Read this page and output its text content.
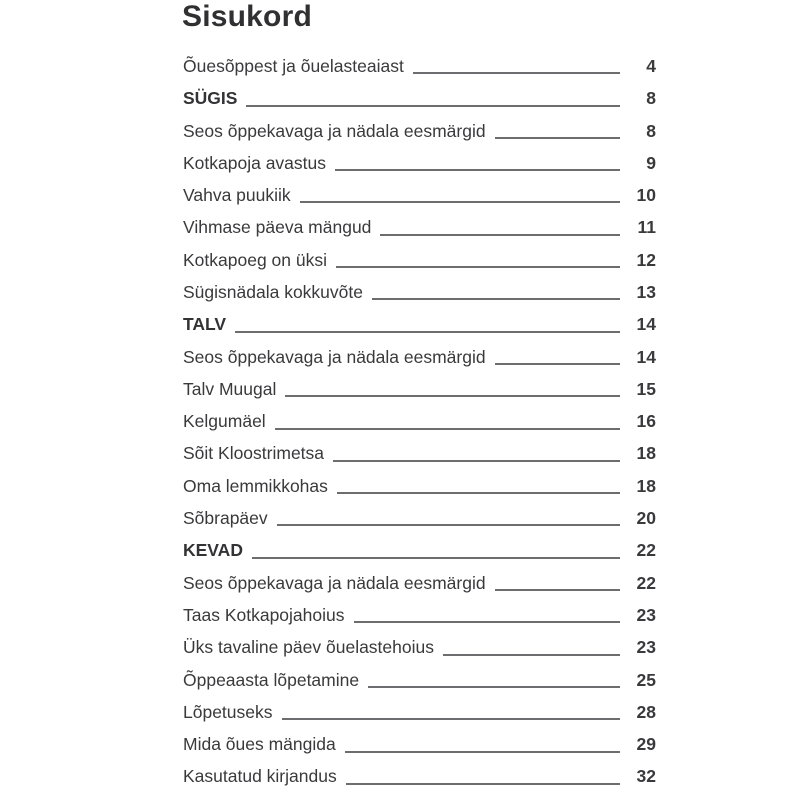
Sisukord
Õuesõppest ja õuelasteaiast	4
SÜGIS	8
Seos õppekavaga ja nädala eesmärgid	8
Kotkapoja avastus	9
Vahva puukiik	10
Vihmase päeva mängud	11
Kotkapoeg on üksi	12
Sügisnädala kokkuvõte	13
TALV	14
Seos õppekavaga ja nädala eesmärgid	14
Talv Muugal	15
Kelgumäel	16
Sõit Kloostrimetsa	18
Oma lemmikkohas	18
Sõbrapäev	20
KEVAD	22
Seos õppekavaga ja nädala eesmärgid	22
Taas Kotkapojahoius	23
Üks tavaline päev õuelastehoius	23
Õppeaasta lõpetamine	25
Lõpetuseks	28
Mida õues mängida	29
Kasutatud kirjandus	32
